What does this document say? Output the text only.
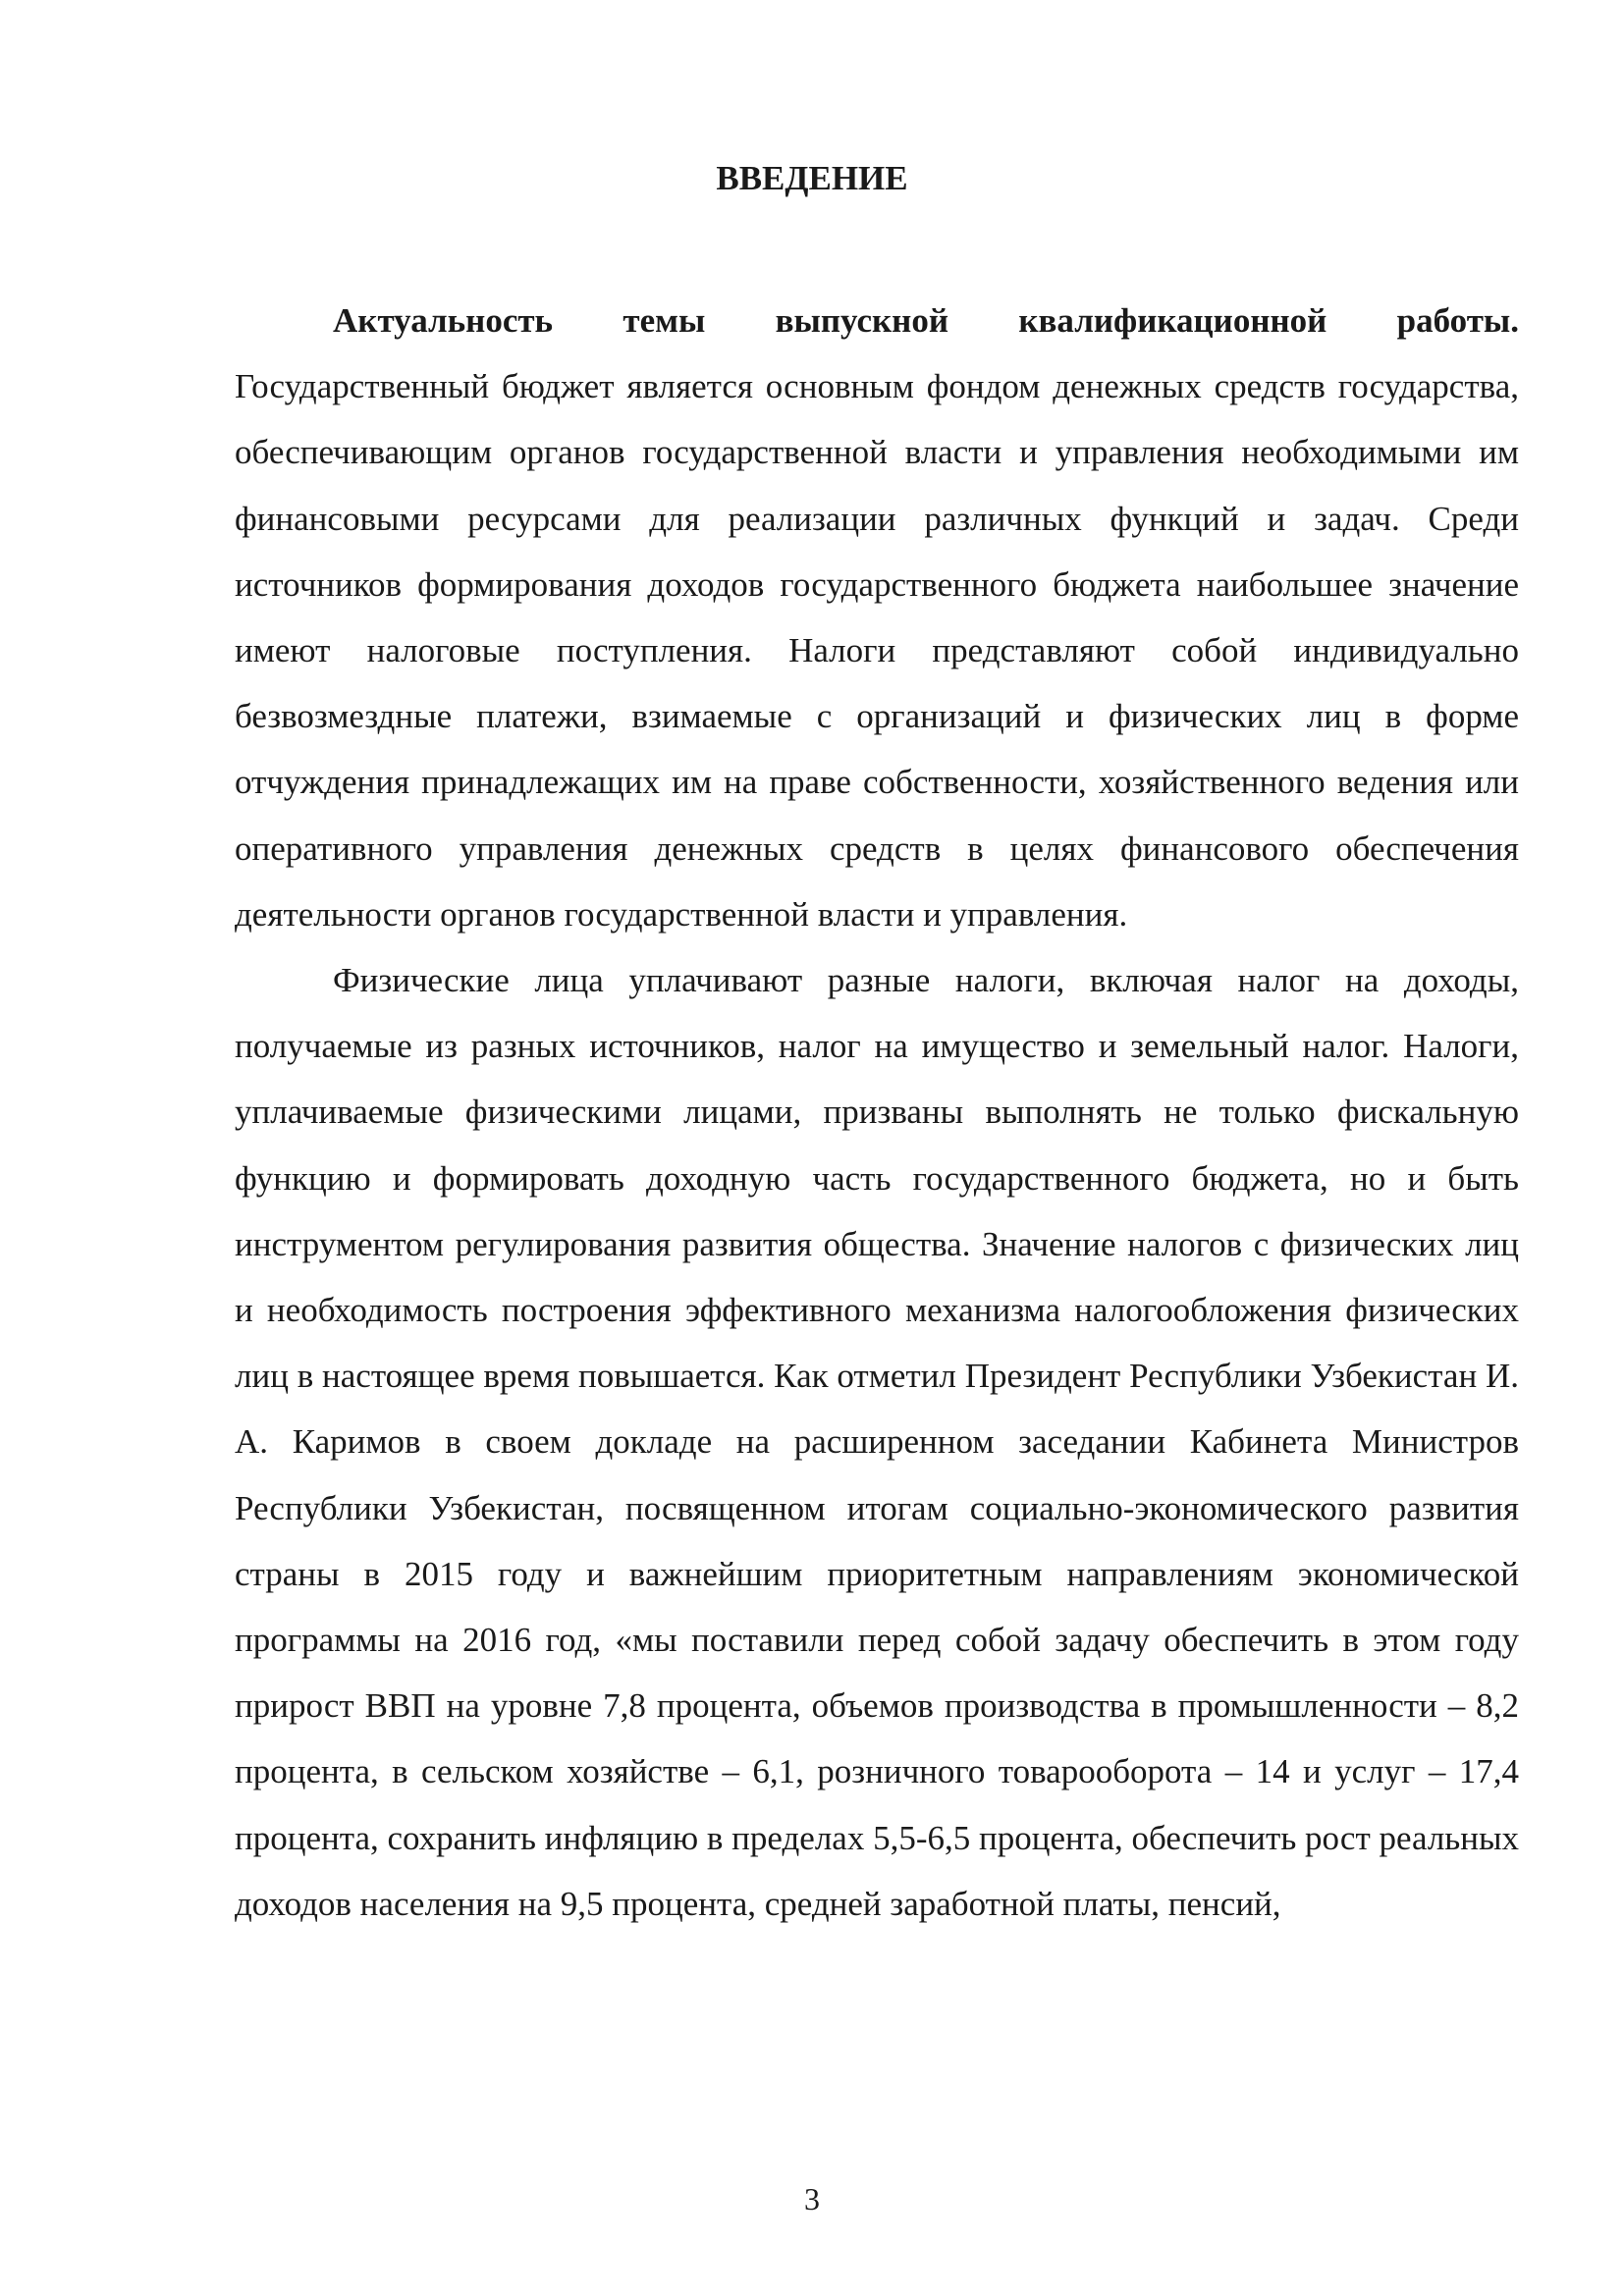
ВВЕДЕНИЕ

Актуальность темы выпускной квалификационной работы. Государственный бюджет является основным фондом денежных средств государства, обеспечивающим органов государственной власти и управления необходимыми им финансовыми ресурсами для реализации различных функций и задач. Среди источников формирования доходов государственного бюджета наибольшее значение имеют налоговые поступления. Налоги представляют собой индивидуально безвозмездные платежи, взимаемые с организаций и физических лиц в форме отчуждения принадлежащих им на праве собственности, хозяйственного ведения или оперативного управления денежных средств в целях финансового обеспечения деятельности органов государственной власти и управления.

Физические лица уплачивают разные налоги, включая налог на доходы, получаемые из разных источников, налог на имущество и земельный налог. Налоги, уплачиваемые физическими лицами, призваны выполнять не только фискальную функцию и формировать доходную часть государственного бюджета, но и быть инструментом регулирования развития общества. Значение налогов с физических лиц и необходимость построения эффективного механизма налогообложения физических лиц в настоящее время повышается. Как отметил Президент Республики Узбекистан И. А. Каримов в своем докладе на расширенном заседании Кабинета Министров Республики Узбекистан, посвященном итогам социально-экономического развития страны в 2015 году и важнейшим приоритетным направлениям экономической программы на 2016 год, «мы поставили перед собой задачу обеспечить в этом году прирост ВВП на уровне 7,8 процента, объемов производства в промышленности – 8,2 процента, в сельском хозяйстве – 6,1, розничного товарооборота – 14 и услуг – 17,4 процента, сохранить инфляцию в пределах 5,5-6,5 процента, обеспечить рост реальных доходов населения на 9,5 процента, средней заработной платы, пенсий,

3
